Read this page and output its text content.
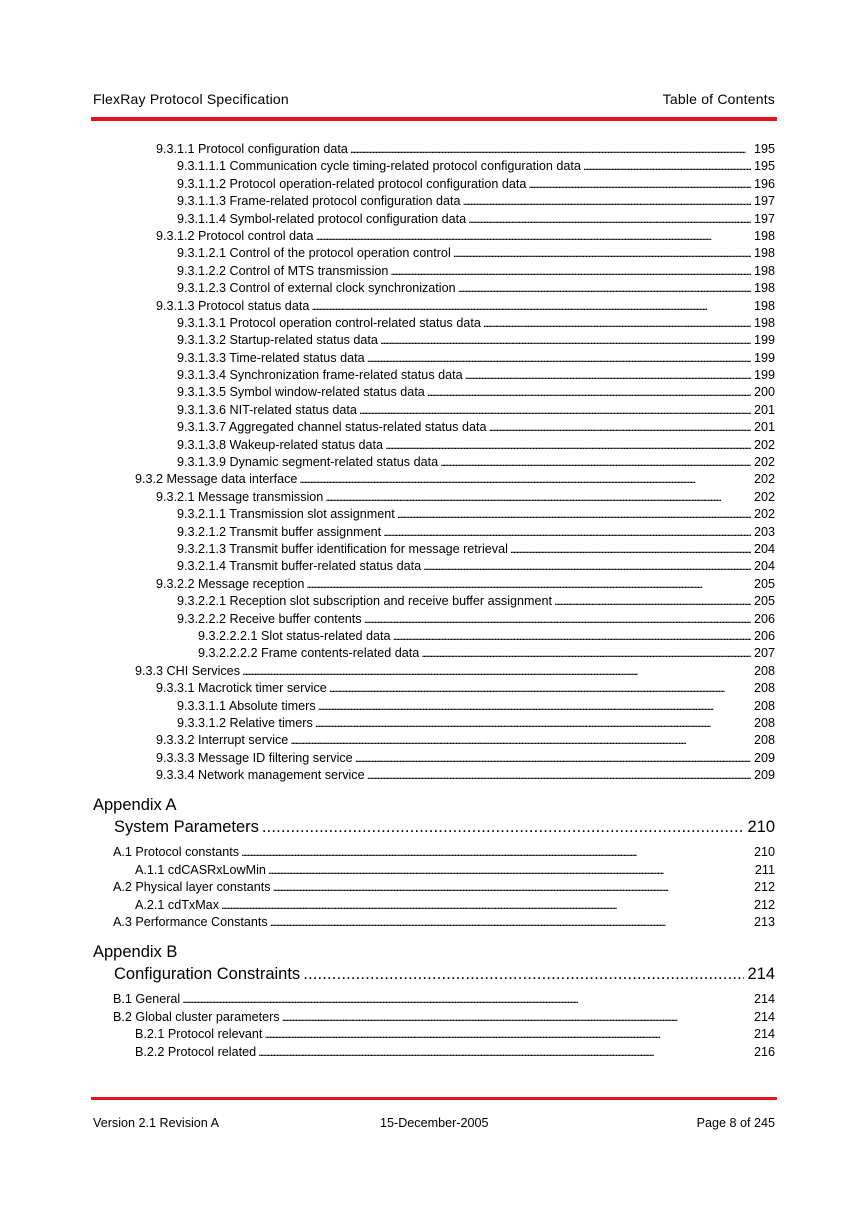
FlexRay Protocol Specification	Table of Contents
9.3.1.1 Protocol configuration data . . .	195
9.3.1.1.1 Communication cycle timing-related protocol configuration data . . .	195
9.3.1.1.2 Protocol operation-related protocol configuration data . . .	196
9.3.1.1.3 Frame-related protocol configuration data . . .	197
9.3.1.1.4 Symbol-related protocol configuration data . . .	197
9.3.1.2 Protocol control data . . .	198
9.3.1.2.1 Control of the protocol operation control . . .	198
9.3.1.2.2 Control of MTS transmission . . .	198
9.3.1.2.3 Control of external clock synchronization . . .	198
9.3.1.3 Protocol status data . . .	198
9.3.1.3.1 Protocol operation control-related status data . . .	198
9.3.1.3.2 Startup-related status data . . .	199
9.3.1.3.3 Time-related status data . . .	199
9.3.1.3.4 Synchronization frame-related status data . . .	199
9.3.1.3.5 Symbol window-related status data . . .	200
9.3.1.3.6 NIT-related status data . . .	201
9.3.1.3.7 Aggregated channel status-related status data . . .	201
9.3.1.3.8 Wakeup-related status data . . .	202
9.3.1.3.9 Dynamic segment-related status data . . .	202
9.3.2 Message data interface . . .	202
9.3.2.1 Message transmission . . .	202
9.3.2.1.1 Transmission slot assignment . . .	202
9.3.2.1.2 Transmit buffer assignment . . .	203
9.3.2.1.3 Transmit buffer identification for message retrieval . . .	204
9.3.2.1.4 Transmit buffer-related status data . . .	204
9.3.2.2 Message reception . . .	205
9.3.2.2.1 Reception slot subscription and receive buffer assignment . . .	205
9.3.2.2.2 Receive buffer contents . . .	206
9.3.2.2.2.1 Slot status-related data . . .	206
9.3.2.2.2.2 Frame contents-related data . . .	207
9.3.3 CHI Services . . .	208
9.3.3.1 Macrotick timer service . . .	208
9.3.3.1.1 Absolute timers . . .	208
9.3.3.1.2 Relative timers . . .	208
9.3.3.2 Interrupt service . . .	208
9.3.3.3 Message ID filtering service . . .	209
9.3.3.4 Network management service . . .	209
Appendix A
System Parameters . . .	210
A.1 Protocol constants . . .	210
A.1.1 cdCASRxLowMin . . .	211
A.2 Physical layer constants . . .	212
A.2.1 cdTxMax . . .	212
A.3 Performance Constants . . .	213
Appendix B
Configuration Constraints . . .	214
B.1 General . . .	214
B.2 Global cluster parameters . . .	214
B.2.1 Protocol relevant . . .	214
B.2.2 Protocol related . . .	216
Version 2.1 Revision A	15-December-2005	Page 8 of 245
